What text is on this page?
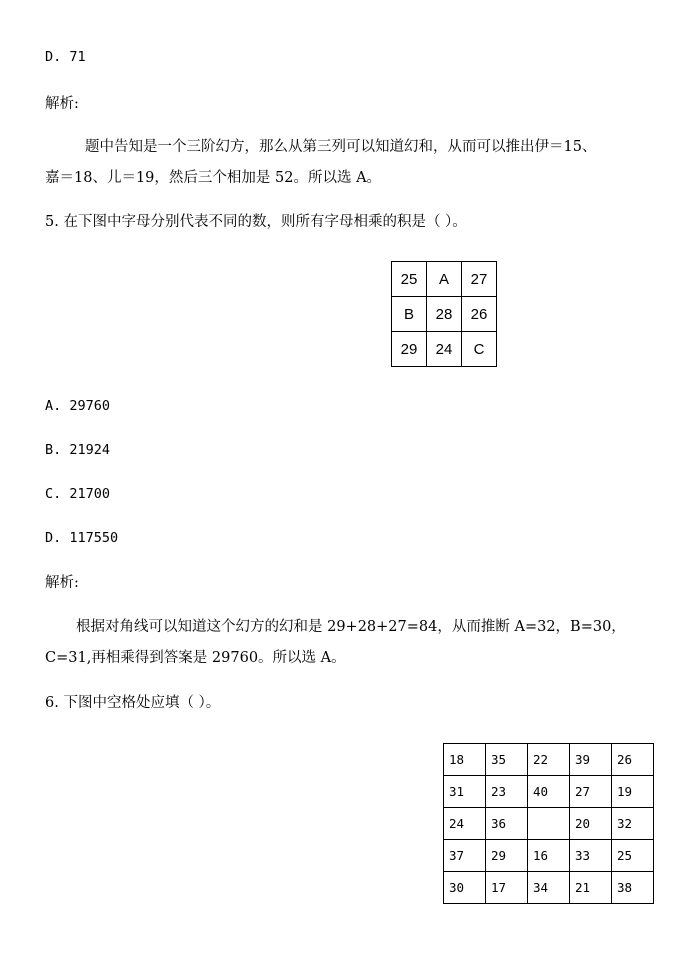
D. 71
解析:
题中告知是一个三阶幻方，那么从第三列可以知道幻和，从而可以推出伊＝15、
嘉＝18、儿＝19，然后三个相加是 52。所以选 A。
5. 在下图中字母分别代表不同的数，则所有字母相乘的积是（ ）。
25	A	27
B	28	26
29	24	C
A. 29760
B. 21924
C. 21700
D. 117550
解析:
根据对角线可以知道这个幻方的幻和是 29+28+27=84，从而推断 A=32，B=30，
C=31,再相乘得到答案是 29760。所以选 A。
6. 下图中空格处应填（ ）。
18	35	22	39	26
31	23	40	27	19
24	36		20	32
37	29	16	33	25
30	17	34	21	38
